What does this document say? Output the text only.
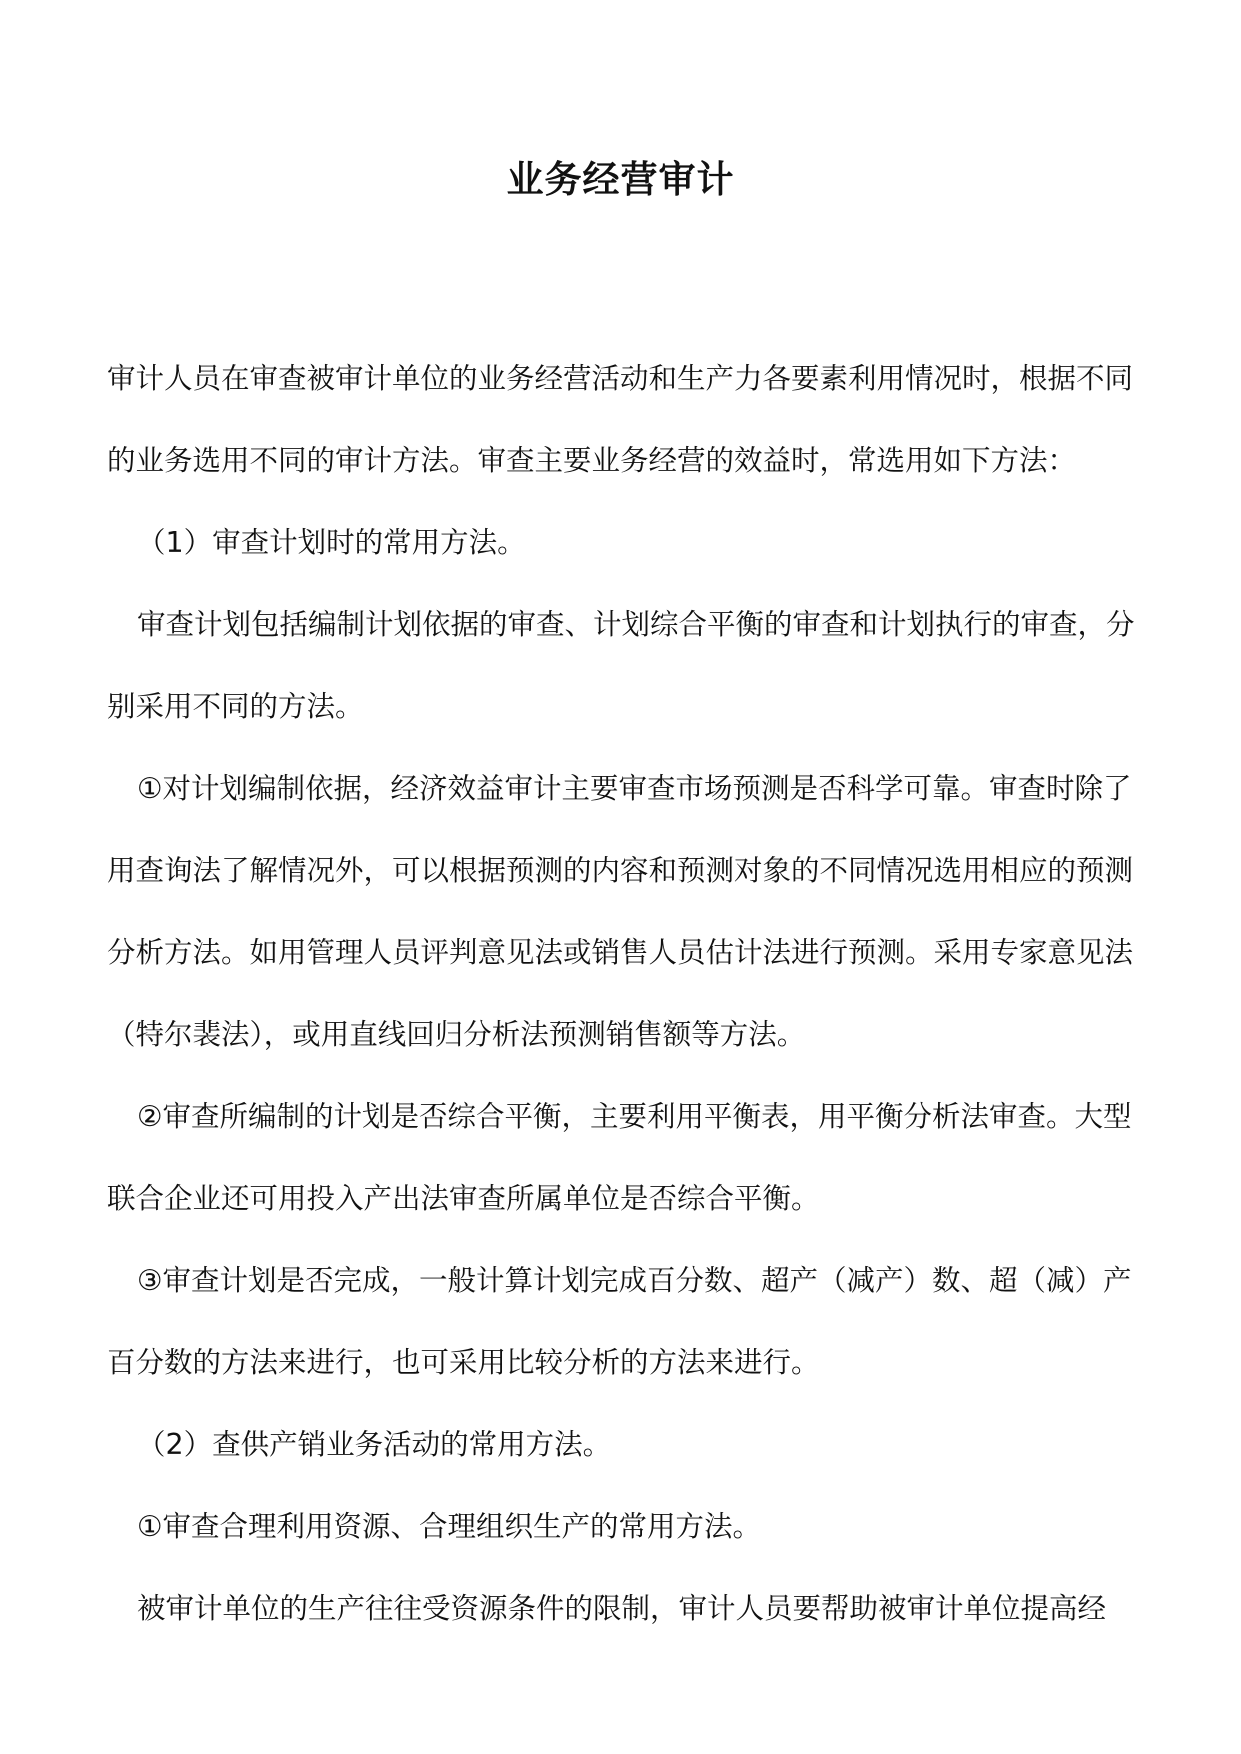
业务经营审计

审计人员在审查被审计单位的业务经营活动和生产力各要素利用情况时，根据不同的业务选用不同的审计方法。审查主要业务经营的效益时，常选用如下方法：

（1）审查计划时的常用方法。

审查计划包括编制计划依据的审查、计划综合平衡的审查和计划执行的审查，分别采用不同的方法。

①对计划编制依据，经济效益审计主要审查市场预测是否科学可靠。审查时除了用查询法了解情况外，可以根据预测的内容和预测对象的不同情况选用相应的预测分析方法。如用管理人员评判意见法或销售人员估计法进行预测。采用专家意见法（特尔裴法），或用直线回归分析法预测销售额等方法。

②审查所编制的计划是否综合平衡，主要利用平衡表，用平衡分析法审查。大型联合企业还可用投入产出法审查所属单位是否综合平衡。

③审查计划是否完成，一般计算计划完成百分数、超产（减产）数、超（减）产百分数的方法来进行，也可采用比较分析的方法来进行。

（2）查供产销业务活动的常用方法。

①审查合理利用资源、合理组织生产的常用方法。

被审计单位的生产往往受资源条件的限制，审计人员要帮助被审计单位提高经
